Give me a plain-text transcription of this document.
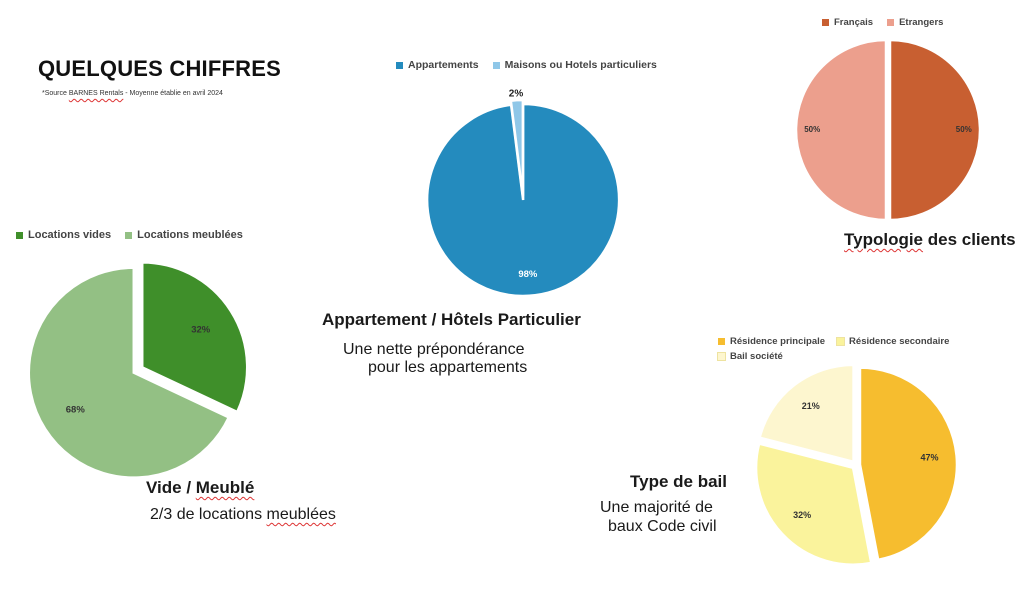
QUELQUES CHIFFRES
*Source BARNES Rentals - Moyenne établie en avril 2024
Locations vides Locations meublées
32%
68%
Vide / Meublé
2/3 de locations meublées
Appartements Maisons ou Hotels particuliers
98%
2%
Appartement / Hôtels Particulier
Une nette prépondérance
pour les appartements
Français	Etrangers
50%
50%
Typologie des clients
Résidence principale	Résidence secondaire
Bail société
47%
32%
21%
Type de bail
Une majorité de
baux Code civil
